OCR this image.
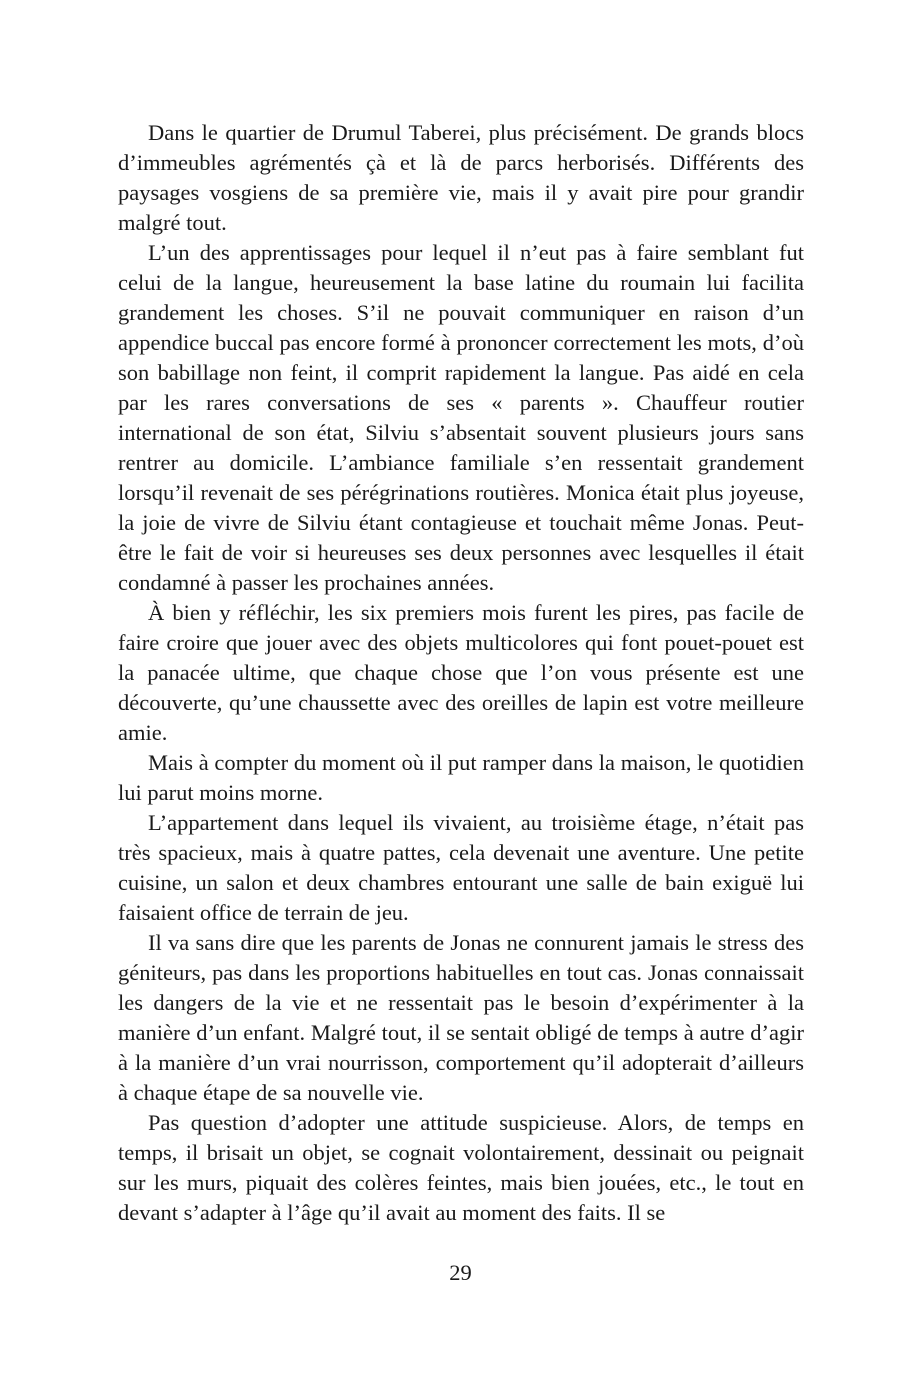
Dans le quartier de Drumul Taberei, plus précisément. De grands blocs d’immeubles agrémentés çà et là de parcs herborisés. Différents des paysages vosgiens de sa première vie, mais il y avait pire pour grandir malgré tout.

L’un des apprentissages pour lequel il n’eut pas à faire semblant fut celui de la langue, heureusement la base latine du roumain lui facilita grandement les choses. S’il ne pouvait communiquer en raison d’un appendice buccal pas encore formé à prononcer correctement les mots, d’où son babillage non feint, il comprit rapidement la langue. Pas aidé en cela par les rares conversations de ses « parents ». Chauffeur routier international de son état, Silviu s’absentait souvent plusieurs jours sans rentrer au domicile. L’ambiance familiale s’en ressentait grandement lorsqu’il revenait de ses pérégrinations routières. Monica était plus joyeuse, la joie de vivre de Silviu étant contagieuse et touchait même Jonas. Peut-être le fait de voir si heureuses ses deux personnes avec lesquelles il était condamné à passer les prochaines années.

À bien y réfléchir, les six premiers mois furent les pires, pas facile de faire croire que jouer avec des objets multicolores qui font pouet-pouet est la panacée ultime, que chaque chose que l’on vous présente est une découverte, qu’une chaussette avec des oreilles de lapin est votre meilleure amie.

Mais à compter du moment où il put ramper dans la maison, le quotidien lui parut moins morne.

L’appartement dans lequel ils vivaient, au troisième étage, n’était pas très spacieux, mais à quatre pattes, cela devenait une aventure. Une petite cuisine, un salon et deux chambres entourant une salle de bain exiguë lui faisaient office de terrain de jeu.

Il va sans dire que les parents de Jonas ne connurent jamais le stress des géniteurs, pas dans les proportions habituelles en tout cas. Jonas connaissait les dangers de la vie et ne ressentait pas le besoin d’expérimenter à la manière d’un enfant. Malgré tout, il se sentait obligé de temps à autre d’agir à la manière d’un vrai nourrisson, comportement qu’il adopterait d’ailleurs à chaque étape de sa nouvelle vie.

Pas question d’adopter une attitude suspicieuse. Alors, de temps en temps, il brisait un objet, se cognait volontairement, dessinait ou peignait sur les murs, piquait des colères feintes, mais bien jouées, etc., le tout en devant s’adapter à l’âge qu’il avait au moment des faits. Il se

29
